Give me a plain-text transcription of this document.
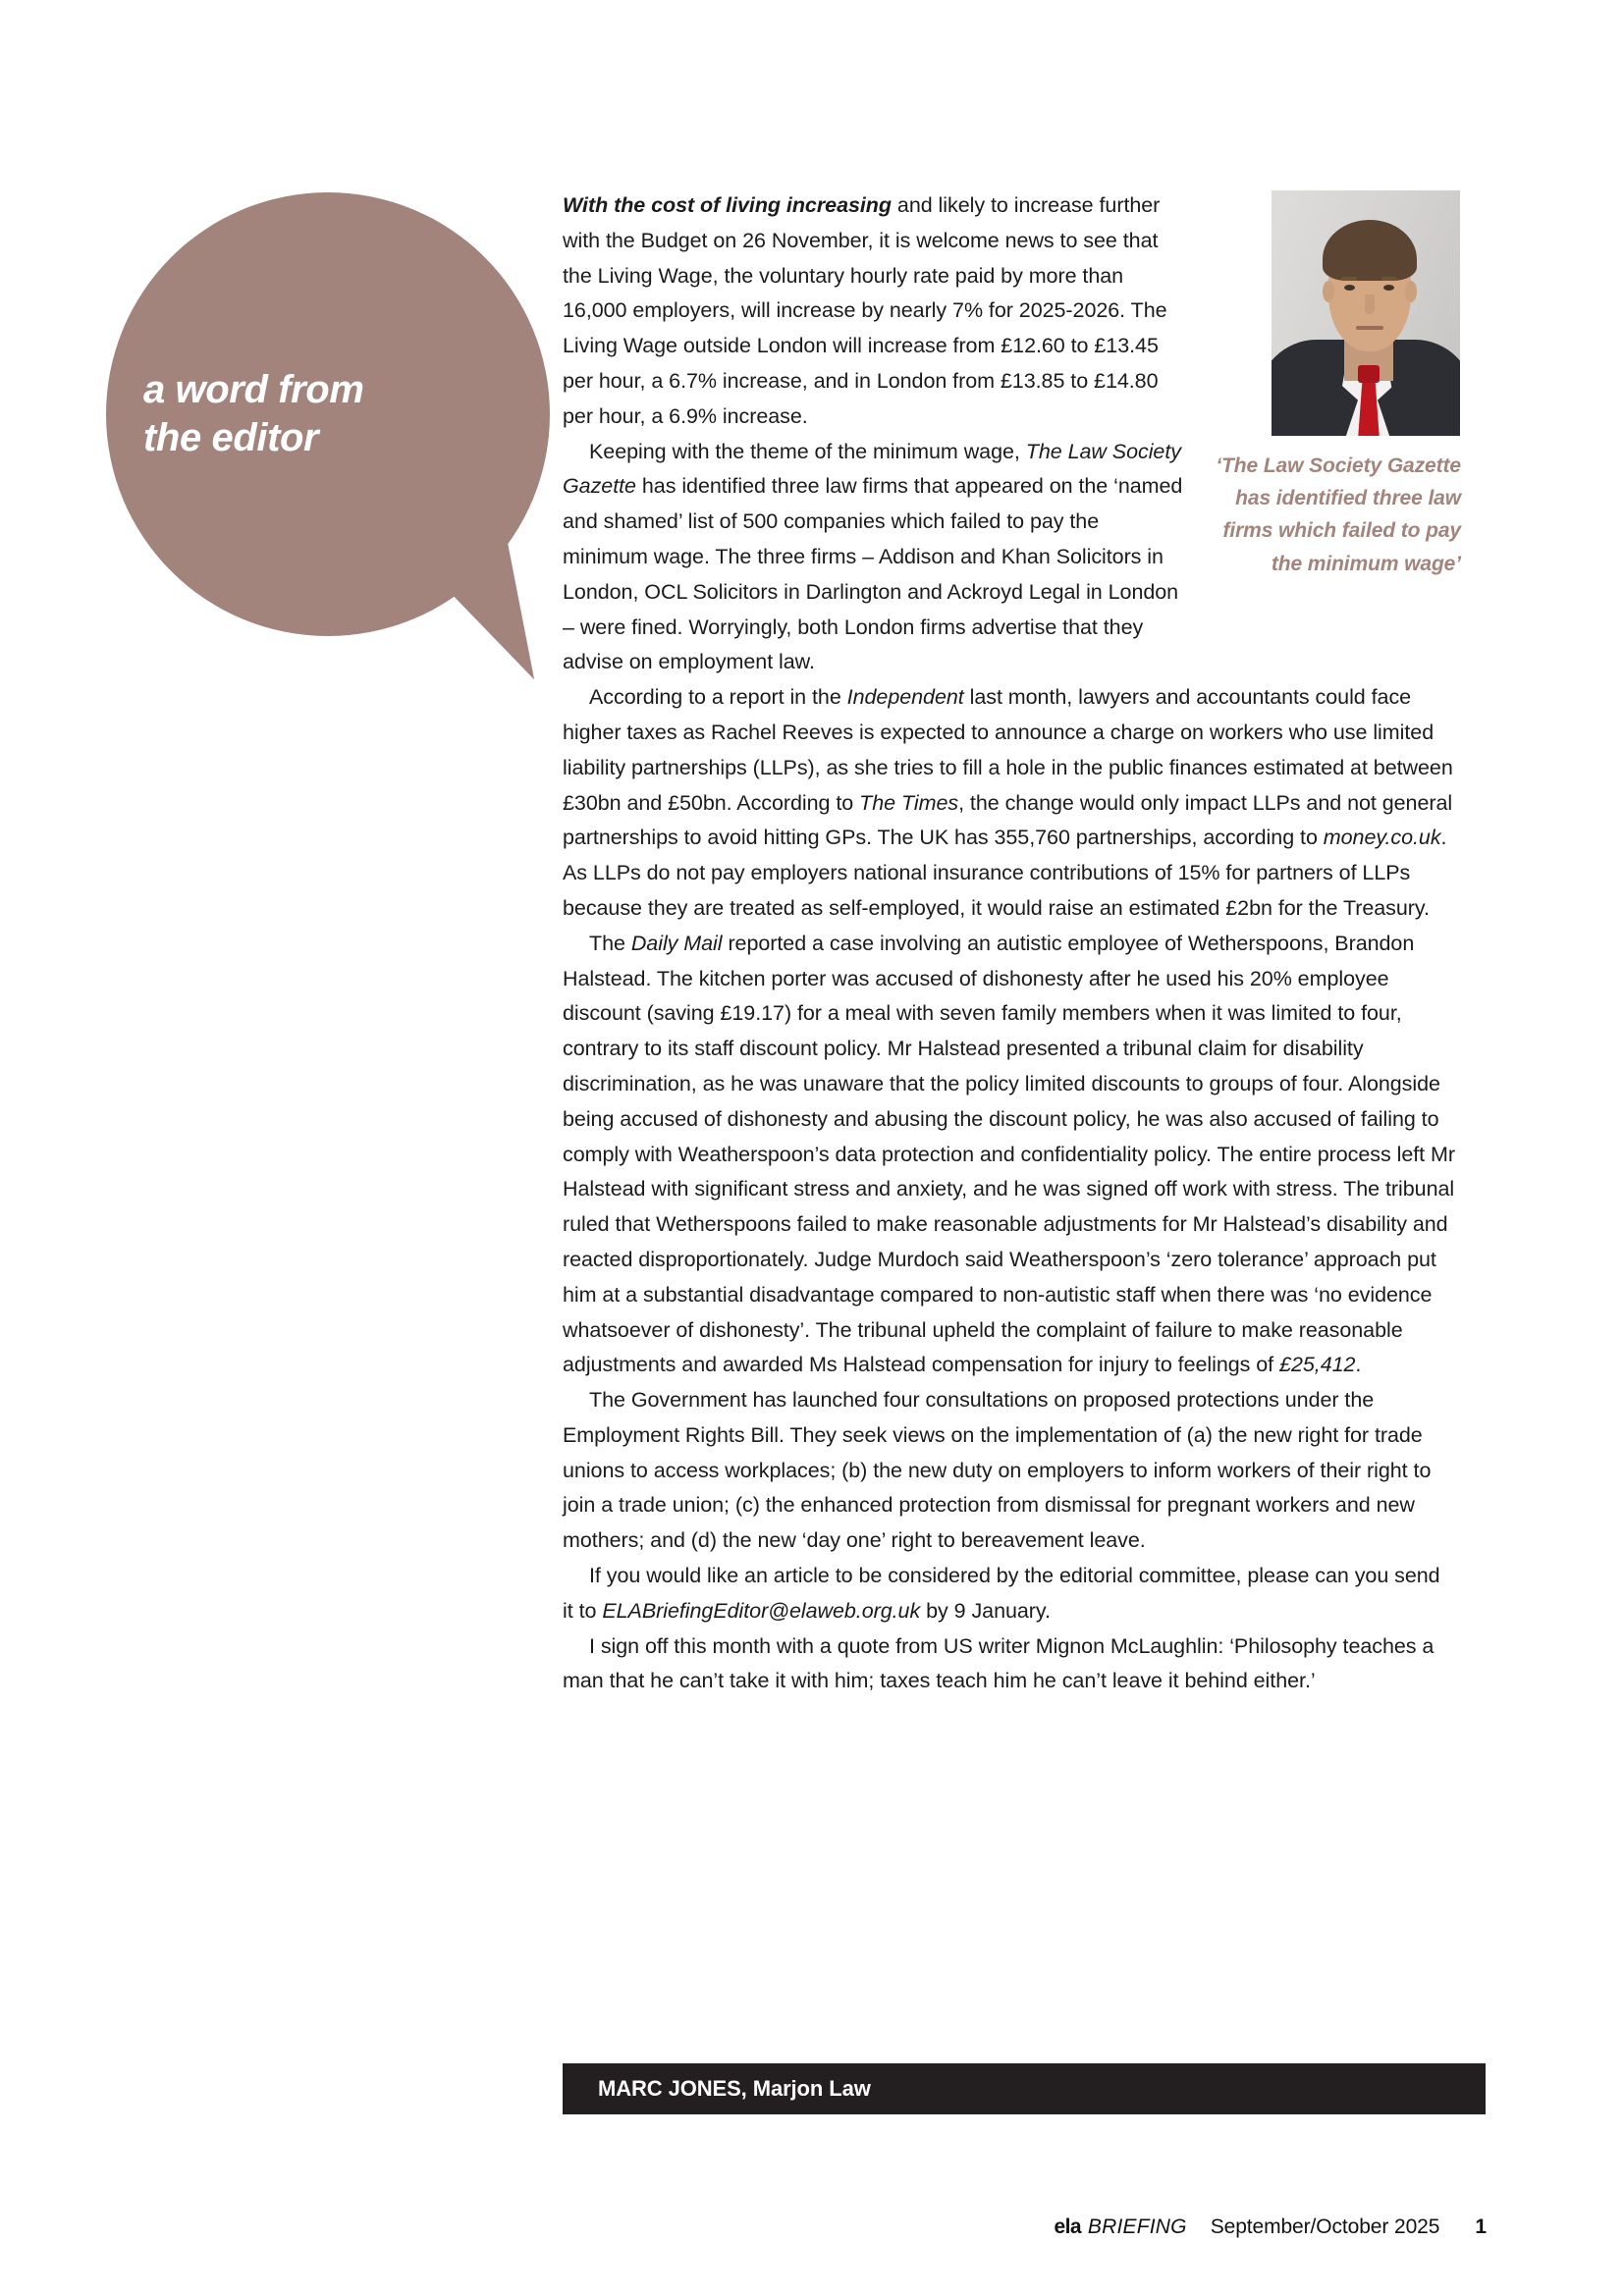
a word from
the editor
‘The Law Society Gazette has identified three law firms which failed to pay the minimum wage’

With the cost of living increasing and likely to increase further with the Budget on 26 November, it is welcome news to see that the Living Wage, the voluntary hourly rate paid by more than 16,000 employers, will increase by nearly 7% for 2025-2026. The Living Wage outside London will increase from £12.60 to £13.45 per hour, a 6.7% increase, and in London from £13.85 to £14.80 per hour, a 6.9% increase.

Keeping with the theme of the minimum wage, The Law Society Gazette has identified three law firms that appeared on the ‘named and shamed’ list of 500 companies which failed to pay the minimum wage. The three firms – Addison and Khan Solicitors in London, OCL Solicitors in Darlington and Ackroyd Legal in London – were fined. Worryingly, both London firms advertise that they advise on employment law.

According to a report in the Independent last month, lawyers and accountants could face higher taxes as Rachel Reeves is expected to announce a charge on workers who use limited liability partnerships (LLPs), as she tries to fill a hole in the public finances estimated at between £30bn and £50bn. According to The Times, the change would only impact LLPs and not general partnerships to avoid hitting GPs. The UK has 355,760 partnerships, according to money.co.uk. As LLPs do not pay employers national insurance contributions of 15% for partners of LLPs because they are treated as self-employed, it would raise an estimated £2bn for the Treasury.

The Daily Mail reported a case involving an autistic employee of Wetherspoons, Brandon Halstead. The kitchen porter was accused of dishonesty after he used his 20% employee discount (saving £19.17) for a meal with seven family members when it was limited to four, contrary to its staff discount policy. Mr Halstead presented a tribunal claim for disability discrimination, as he was unaware that the policy limited discounts to groups of four. Alongside being accused of dishonesty and abusing the discount policy, he was also accused of failing to comply with Weatherspoon’s data protection and confidentiality policy. The entire process left Mr Halstead with significant stress and anxiety, and he was signed off work with stress. The tribunal ruled that Wetherspoons failed to make reasonable adjustments for Mr Halstead’s disability and reacted disproportionately. Judge Murdoch said Weatherspoon’s ‘zero tolerance’ approach put him at a substantial disadvantage compared to non-autistic staff when there was ‘no evidence whatsoever of dishonesty’. The tribunal upheld the complaint of failure to make reasonable adjustments and awarded Ms Halstead compensation for injury to feelings of £25,412.

The Government has launched four consultations on proposed protections under the Employment Rights Bill. They seek views on the implementation of (a) the new right for trade unions to access workplaces; (b) the new duty on employers to inform workers of their right to join a trade union; (c) the enhanced protection from dismissal for pregnant workers and new mothers; and (d) the new ‘day one’ right to bereavement leave.

If you would like an article to be considered by the editorial committee, please can you send it to ELABriefingEditor@elaweb.org.uk by 9 January.

I sign off this month with a quote from US writer Mignon McLaughlin: ‘Philosophy teaches a man that he can’t take it with him; taxes teach him he can’t leave it behind either.’

MARC JONES, Marjon Law
ela BRIEFING September/October 2025 1
